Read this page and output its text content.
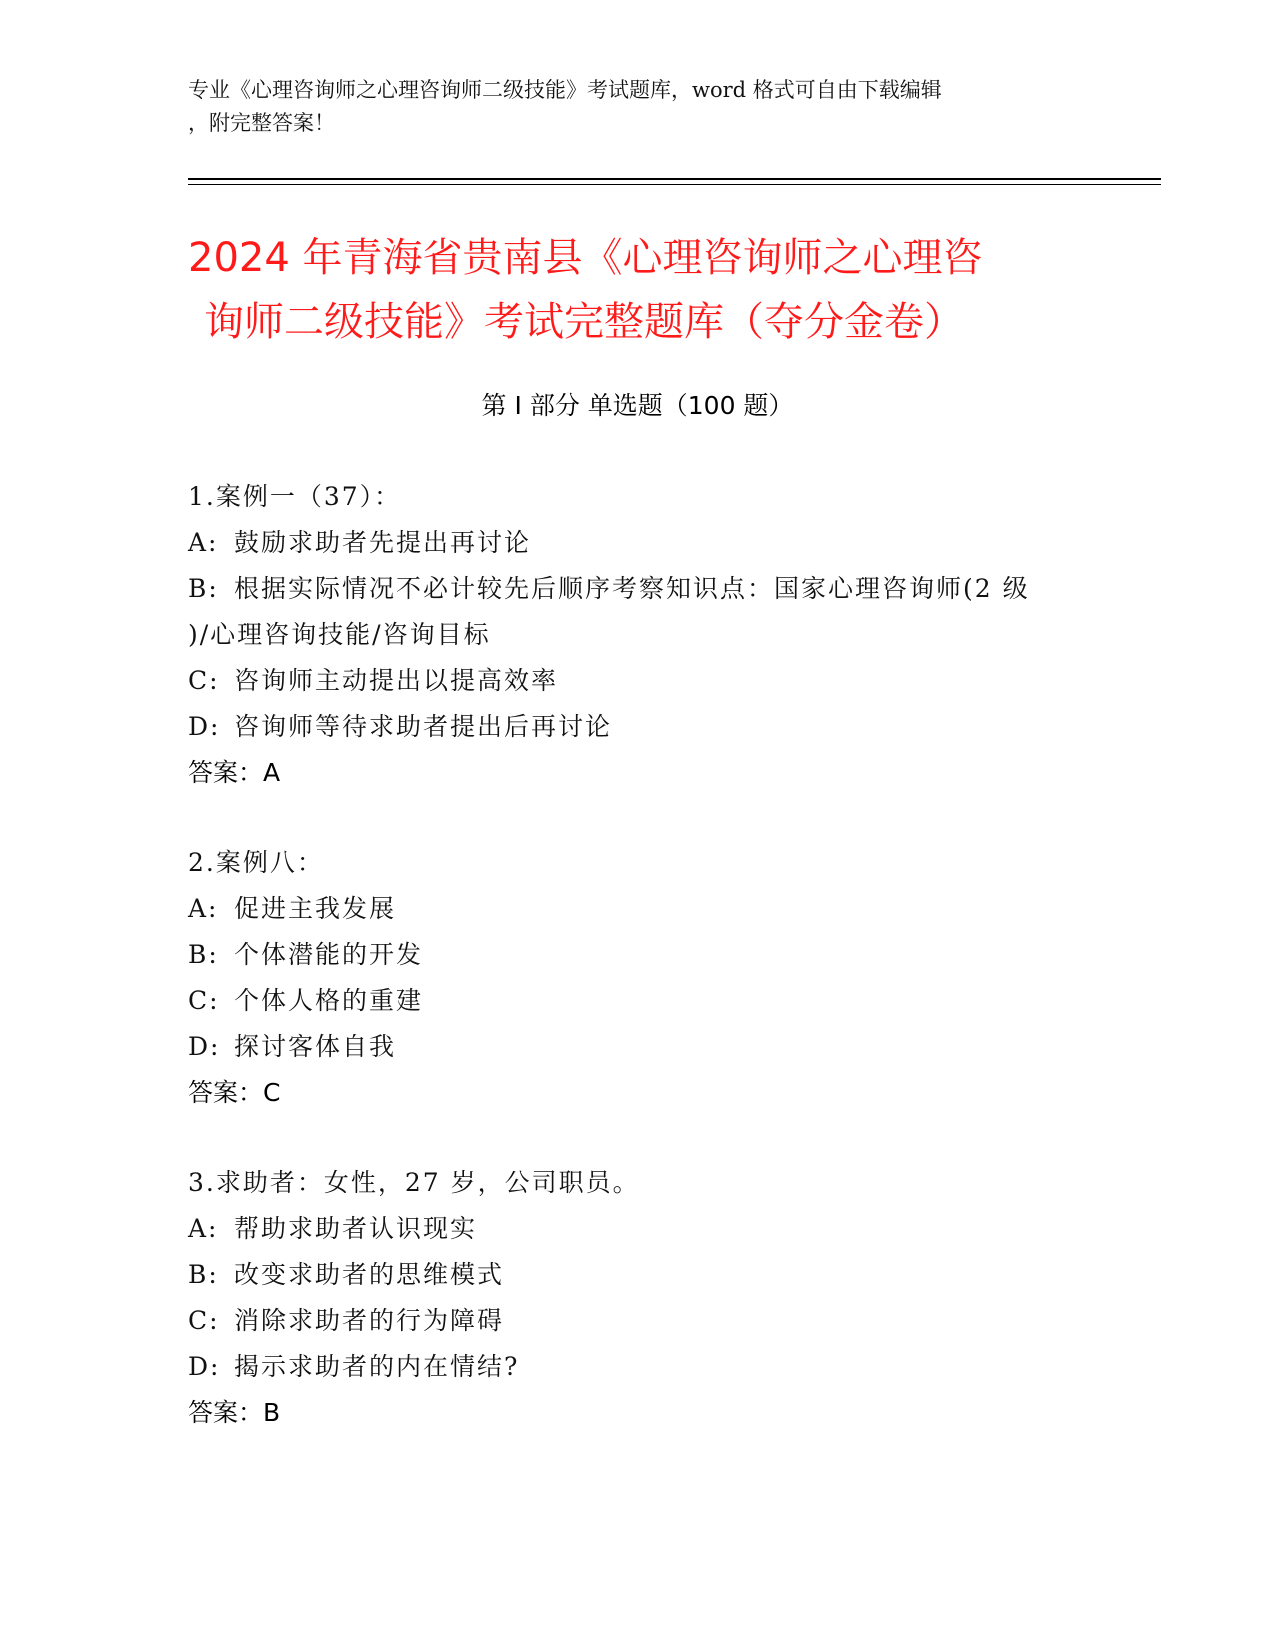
专业《心理咨询师之心理咨询师二级技能》考试题库，word 格式可自由下载编辑
，附完整答案！
2024 年青海省贵南县《心理咨询师之心理咨
询师二级技能》考试完整题库（夺分金卷）
第 I 部分 单选题（100 题）
1.案例一（37）：
A: 鼓励求助者先提出再讨论
B: 根据实际情况不必计较先后顺序考察知识点：国家心理咨询师(2 级
)/心理咨询技能/咨询目标
C: 咨询师主动提出以提高效率
D: 咨询师等待求助者提出后再讨论
答案：A
2.案例八：
A: 促进主我发展
B: 个体潜能的开发
C: 个体人格的重建
D: 探讨客体自我
答案：C
3.求助者：女性，27 岁，公司职员。
A: 帮助求助者认识现实
B: 改变求助者的思维模式
C: 消除求助者的行为障碍
D: 揭示求助者的内在情结?
答案：B
